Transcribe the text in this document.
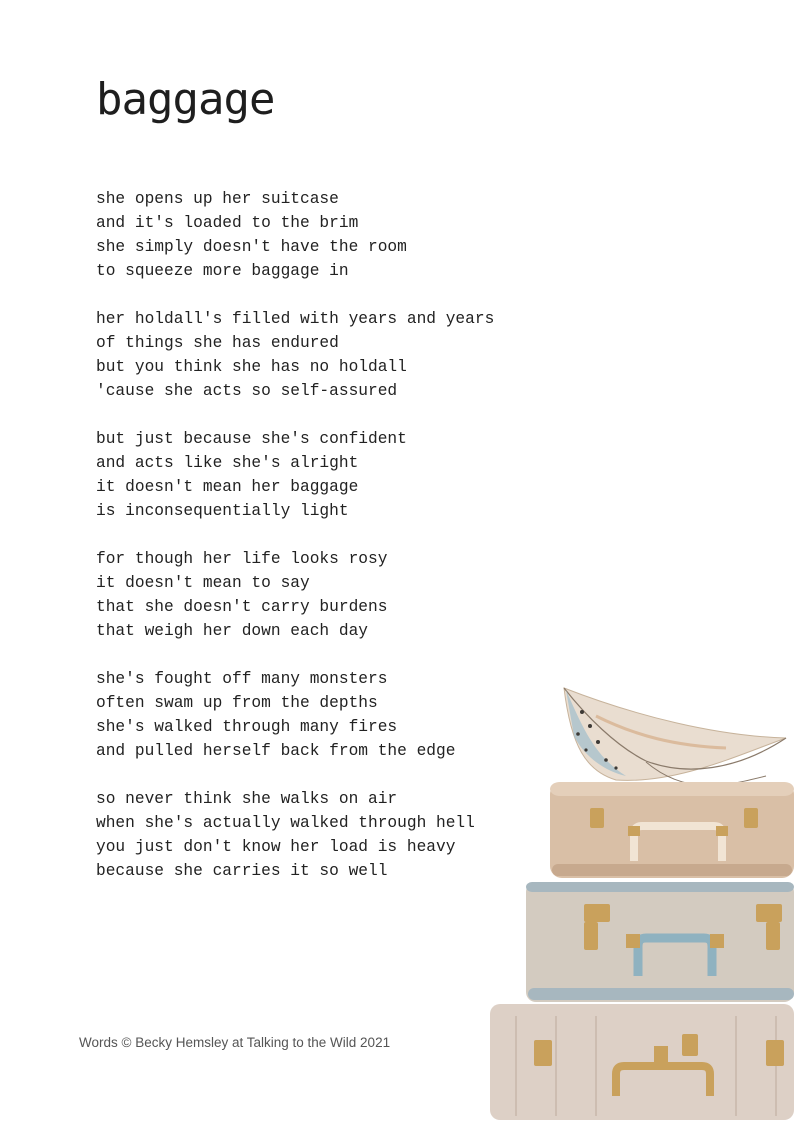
baggage
she opens up her suitcase
and it's loaded to the brim
she simply doesn't have the room
to squeeze more baggage in
her holdall's filled with years and years
of things she has endured
but you think she has no holdall
'cause she acts so self-assured
but just because she's confident
and acts like she's alright
it doesn't mean her baggage
is inconsequentially light
for though her life looks rosy
it doesn't mean to say
that she doesn't carry burdens
that weigh her down each day
she's fought off many monsters
often swam up from the depths
she's walked through many fires
and pulled herself back from the edge
so never think she walks on air
when she's actually walked through hell
you just don't know her load is heavy
because she carries it so well
Words © Becky Hemsley at Talking to the Wild 2021
